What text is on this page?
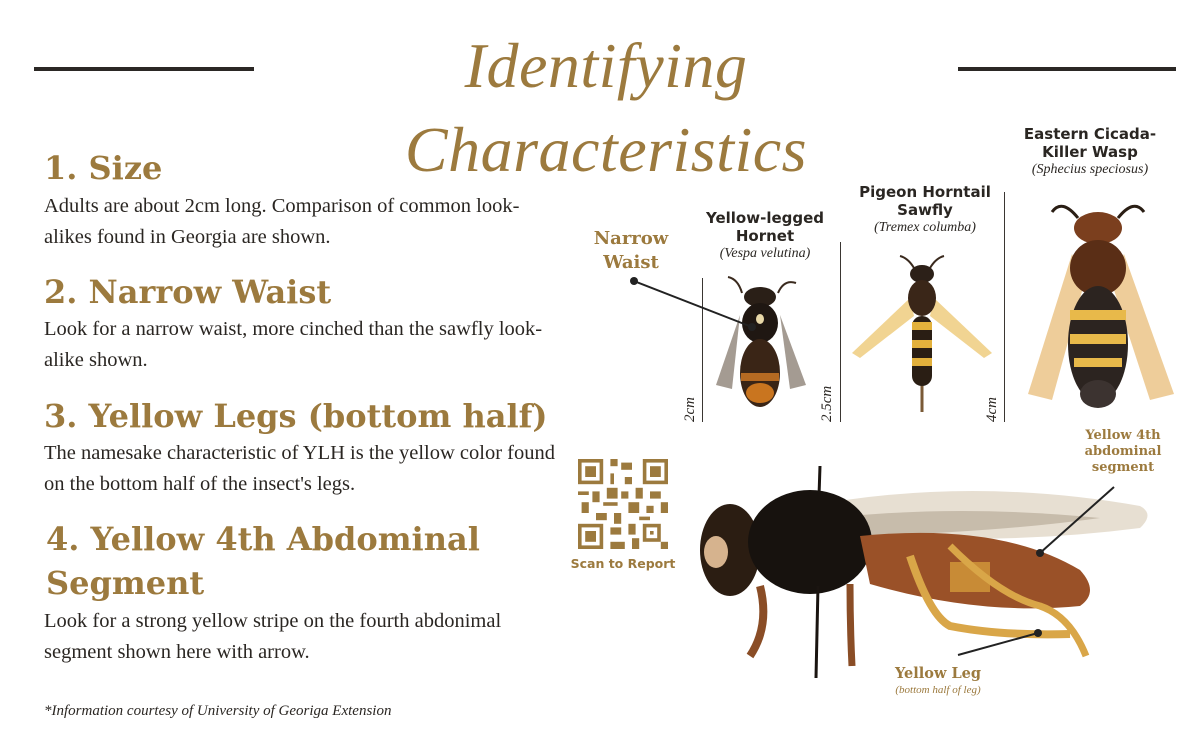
Identifying Characteristics
1. Size
Adults are about 2cm long. Comparison of common look-alikes found in Georgia are shown.
2. Narrow Waist
Look for a narrow waist, more cinched than the sawfly look-alike shown.
3. Yellow Legs (bottom half)
The namesake characteristic of YLH is the yellow color found on the bottom half of the insect's legs.
4. Yellow 4th Abdominal
Segment
Look for a strong yellow stripe on the fourth abdonimal segment shown here with arrow.
*Information courtesy of University of Georiga Extension
Yellow-legged
Hornet
(Vespa velutina)
Pigeon Horntail
Sawfly
(Tremex columba)
Eastern Cicada-
Killer Wasp
(Sphecius speciosus)
2cm	2.5cm	4cm
Narrow
Waist
Scan to Report
Yellow 4th
abdominal
segment
Yellow Leg
(bottom half of leg)
